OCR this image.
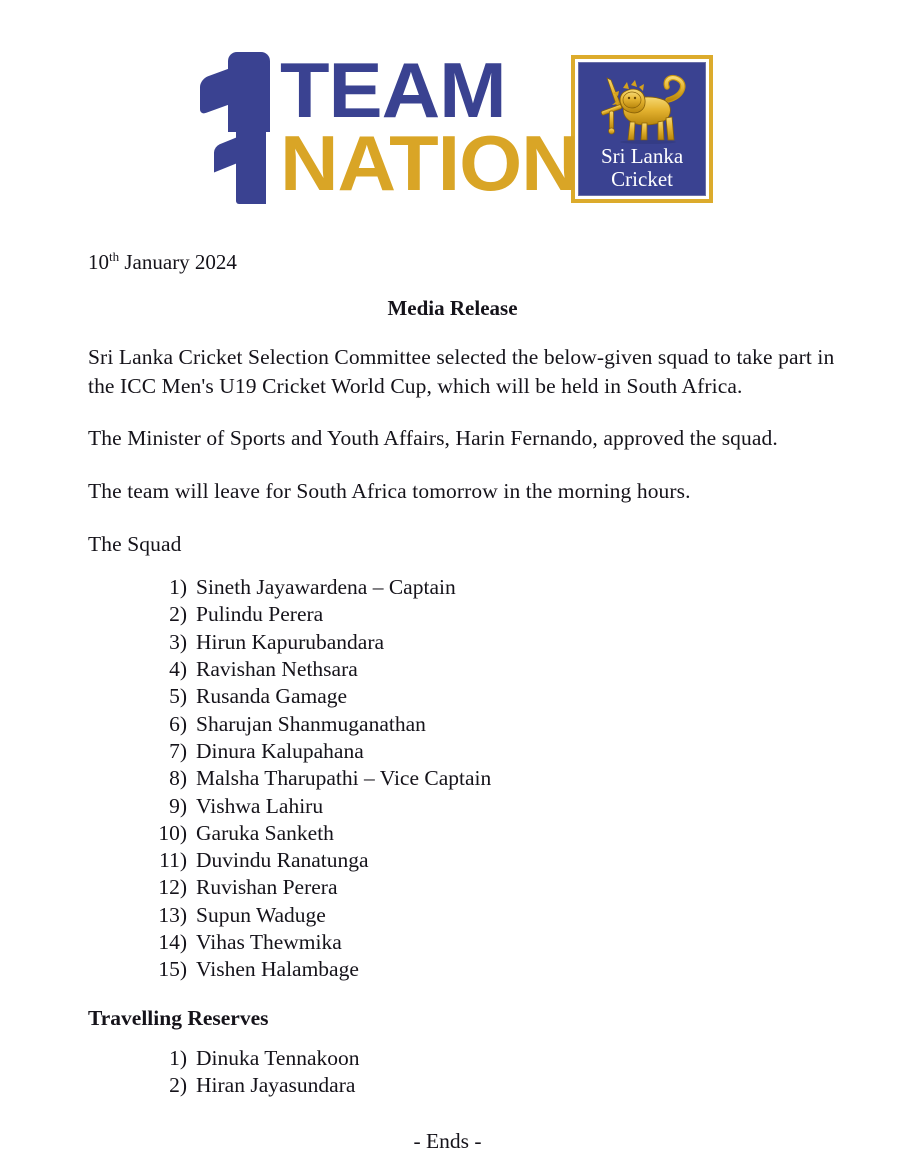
TEAM
NATION Sri Lanka
Cricket

10th January 2024

Media Release

Sri Lanka Cricket Selection Committee selected the below-given squad to take part in the ICC Men's U19 Cricket World Cup, which will be held in South Africa.

The Minister of Sports and Youth Affairs, Harin Fernando, approved the squad.

The team will leave for South Africa tomorrow in the morning hours.

The Squad

1) Sineth Jayawardena – Captain
2) Pulindu Perera
3) Hirun Kapurubandara
4) Ravishan Nethsara
5) Rusanda Gamage
6) Sharujan Shanmuganathan
7) Dinura Kalupahana
8) Malsha Tharupathi – Vice Captain
9) Vishwa Lahiru
10) Garuka Sanketh
11) Duvindu Ranatunga
12) Ruvishan Perera
13) Supun Waduge
14) Vihas Thewmika
15) Vishen Halambage

Travelling Reserves

1) Dinuka Tennakoon
2) Hiran Jayasundara

- Ends -
